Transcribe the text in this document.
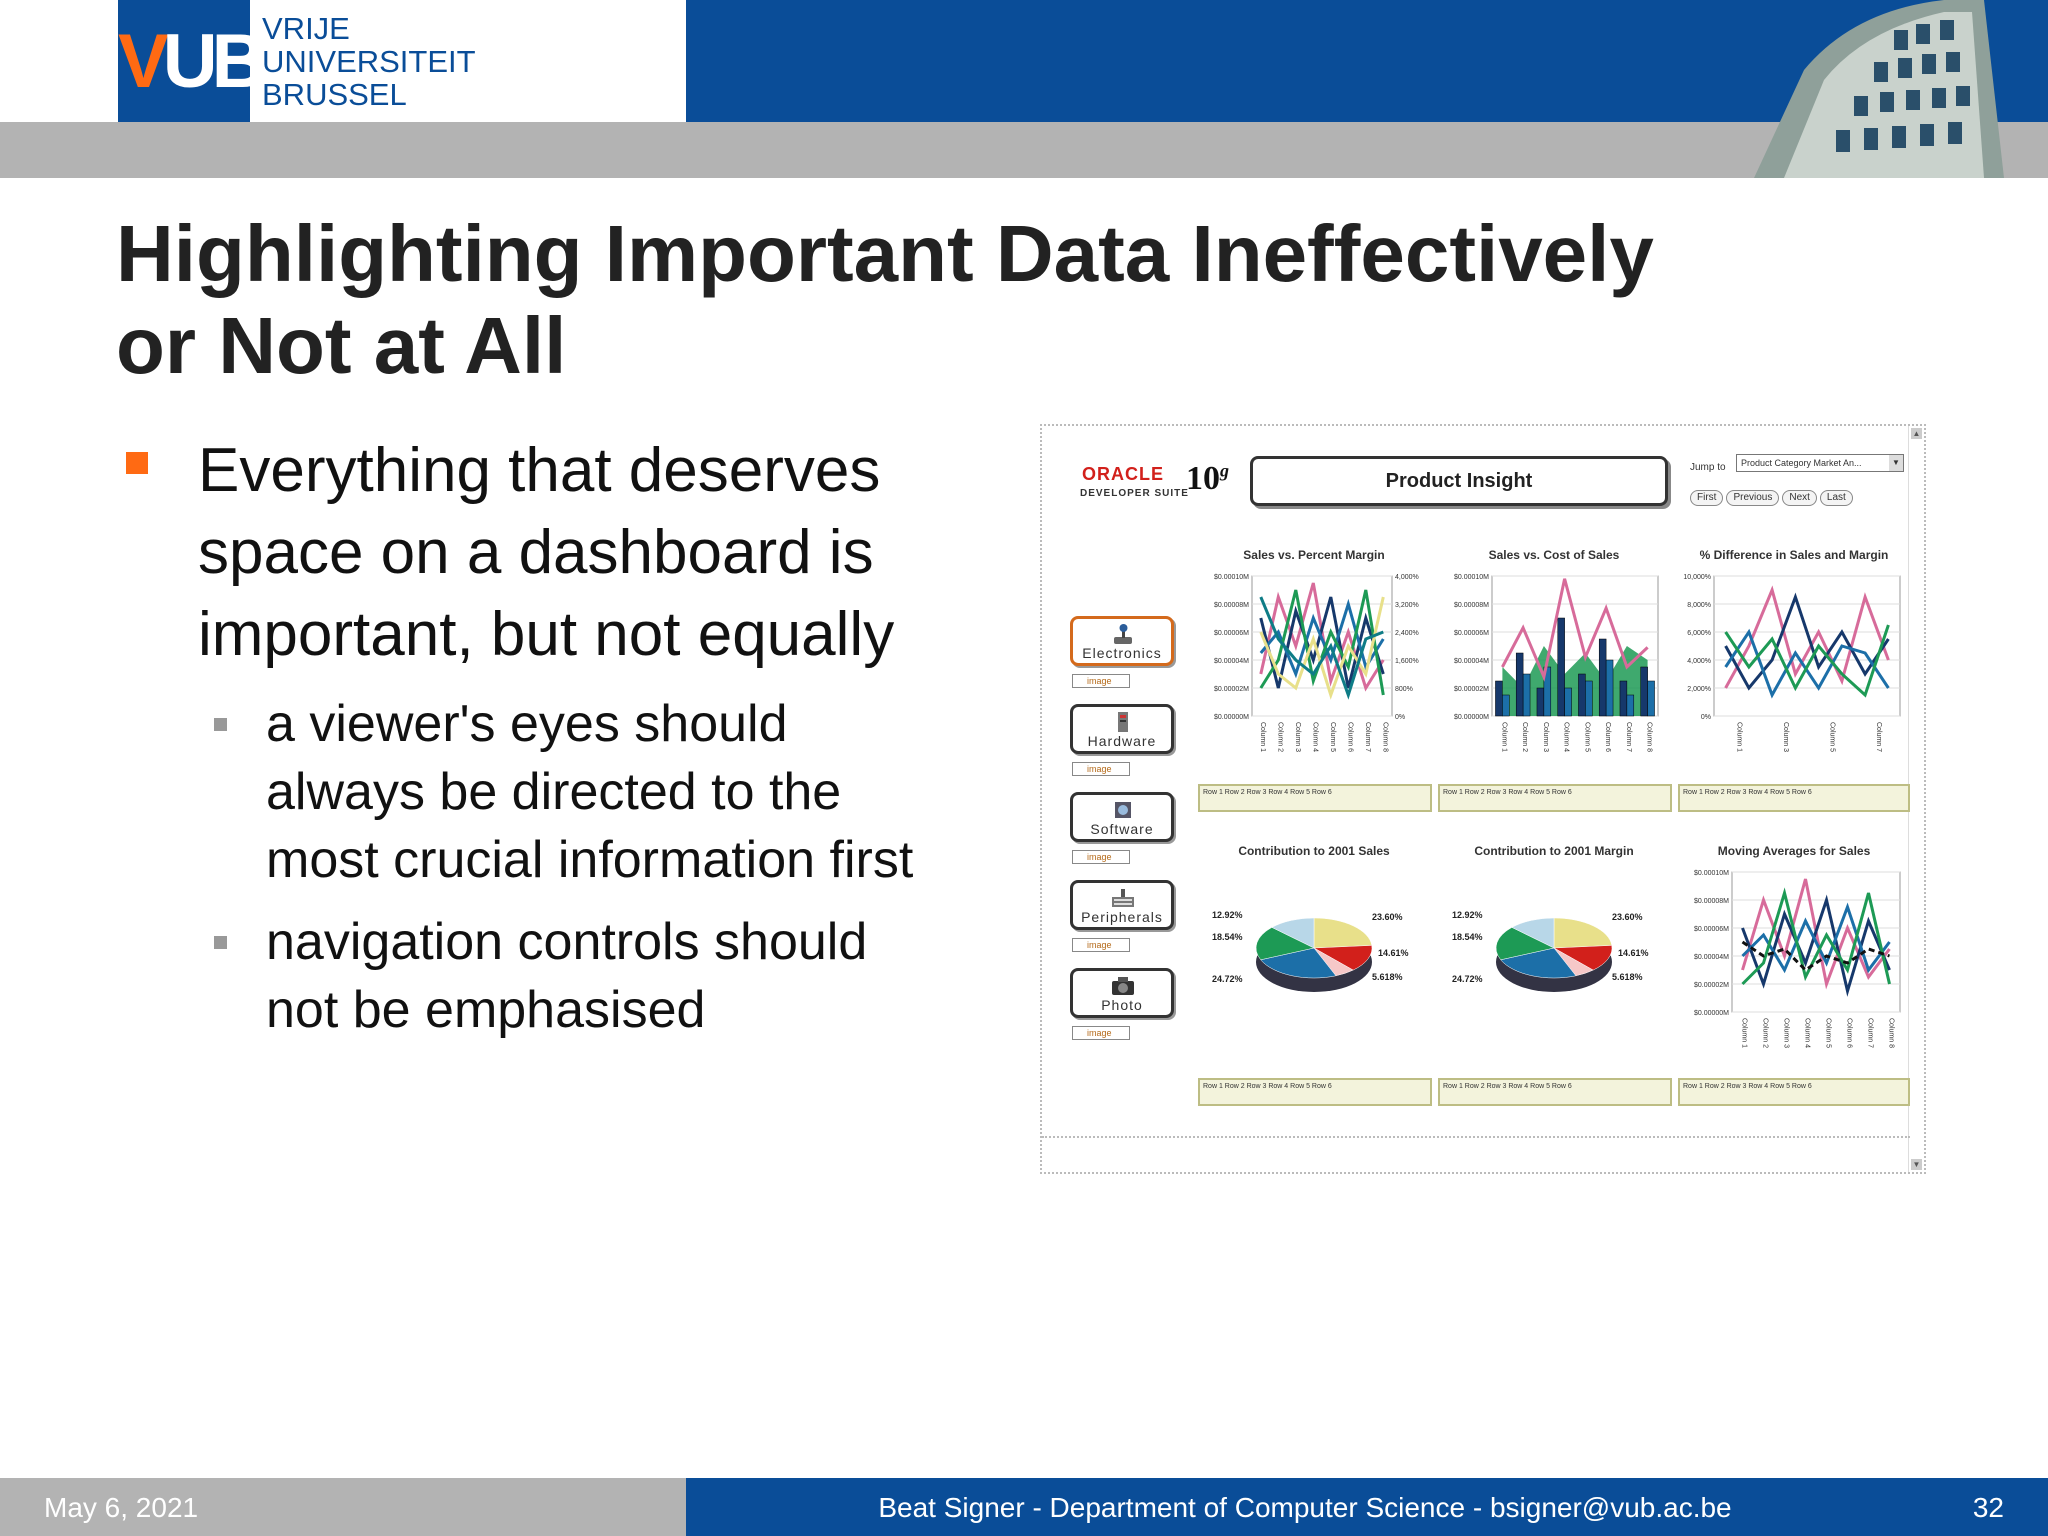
VUB VRIJE
UNIVERSITEIT
BRUSSEL
Highlighting Important Data Ineffectively
or Not at All
Everything that deserves
space on a dashboard is
important, but not equally
a viewer's eyes should
always be directed to the
most crucial information first
navigation controls should
not be emphasised
▲
▼
ORACLE
DEVELOPER SUITE
10$^g$	Product Insight
Jump to	Product Category Market An...	▼
First	Previous	Next	Last
Electronics
image
Hardware
image
Software
image
Peripherals
image
Photo
image
Sales vs. Percent Margin
$0.00010M
$0.00008M
$0.00006M
$0.00004M
$0.00002M
$0.00000M
4,000%
3,200%
2,400%
1,600%
800%
0%
Column 1 Column 2 Column 3 Column 4 Column 5 Column 6 Column 7 Column 8
Row 1 Row 2 Row 3 Row 4 Row 5 Row 6
Sales vs. Cost of Sales
$0.00010M
$0.00008M
$0.00006M
$0.00004M
$0.00002M
$0.00000M
Column 1 Column 2 Column 3 Column 4 Column 5 Column 6 Column 7 Column 8
Row 1 Row 2 Row 3 Row 4 Row 5 Row 6
% Difference in Sales and Margin
10,000%
8,000%
6,000%
4,000%
2,000%
0%
Column 1	Column 3	Column 5	Column 7
Row 1 Row 2 Row 3 Row 4 Row 5 Row 6
Contribution to 2001 Sales
23.60%
14.61%
5.618%
24.72%
18.54%
12.92%
Row 1 Row 2 Row 3 Row 4 Row 5 Row 6
Contribution to 2001 Margin
23.60%
14.61%
5.618%
24.72%
18.54%
12.92%
Row 1 Row 2 Row 3 Row 4 Row 5 Row 6
Moving Averages for Sales
$0.00010M
$0.00008M
$0.00006M
$0.00004M
$0.00002M
$0.00000M
Column 1 Column 2 Column 3 Column 4 Column 5 Column 6 Column 7 Column 8
Row 1 Row 2 Row 3 Row 4 Row 5 Row 6
May 6, 2021	Beat Signer - Department of Computer Science - bsigner@vub.ac.be	32
